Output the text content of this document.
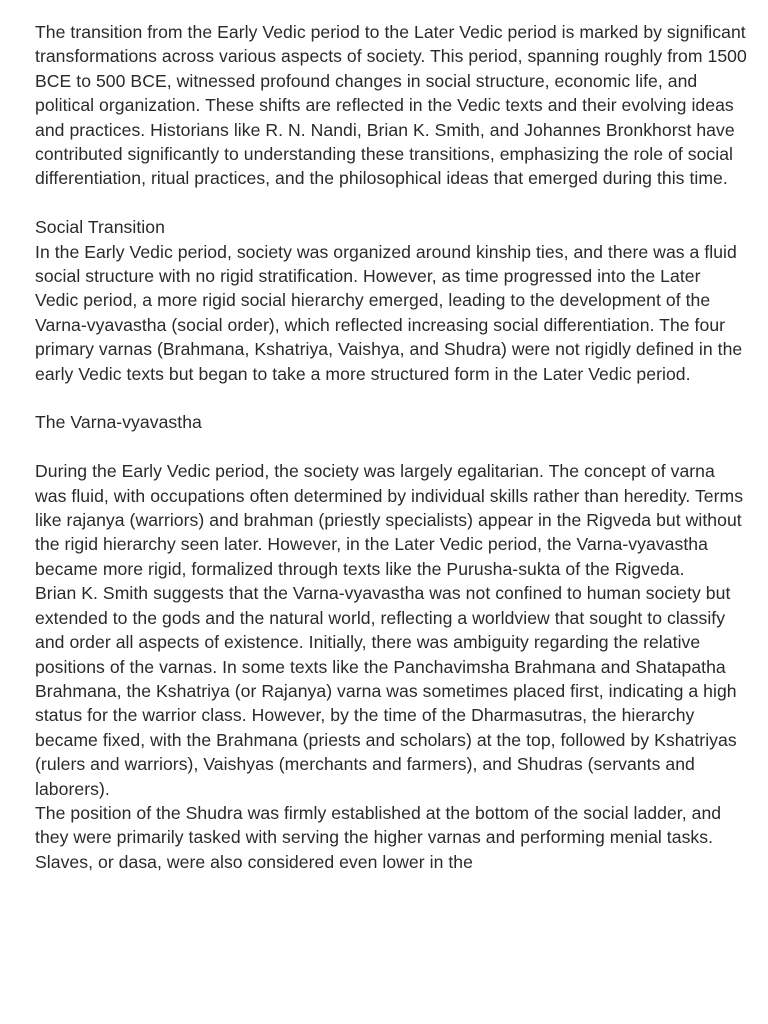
The transition from the Early Vedic period to the Later Vedic period is marked by significant transformations across various aspects of society. This period, spanning roughly from 1500 BCE to 500 BCE, witnessed profound changes in social structure, economic life, and political organization. These shifts are reflected in the Vedic texts and their evolving ideas and practices. Historians like R. N. Nandi, Brian K. Smith, and Johannes Bronkhorst have contributed significantly to understanding these transitions, emphasizing the role of social differentiation, ritual practices, and the philosophical ideas that emerged during this time.

Social Transition

In the Early Vedic period, society was organized around kinship ties, and there was a fluid social structure with no rigid stratification. However, as time progressed into the Later Vedic period, a more rigid social hierarchy emerged, leading to the development of the Varna-vyavastha (social order), which reflected increasing social differentiation. The four primary varnas (Brahmana, Kshatriya, Vaishya, and Shudra) were not rigidly defined in the early Vedic texts but began to take a more structured form in the Later Vedic period.

The Varna-vyavastha

During the Early Vedic period, the society was largely egalitarian. The concept of varna was fluid, with occupations often determined by individual skills rather than heredity. Terms like rajanya (warriors) and brahman (priestly specialists) appear in the Rigveda but without the rigid hierarchy seen later. However, in the Later Vedic period, the Varna-vyavastha became more rigid, formalized through texts like the Purusha-sukta of the Rigveda.

Brian K. Smith suggests that the Varna-vyavastha was not confined to human society but extended to the gods and the natural world, reflecting a worldview that sought to classify and order all aspects of existence. Initially, there was ambiguity regarding the relative positions of the varnas. In some texts like the Panchavimsha Brahmana and Shatapatha Brahmana, the Kshatriya (or Rajanya) varna was sometimes placed first, indicating a high status for the warrior class. However, by the time of the Dharmasutras, the hierarchy became fixed, with the Brahmana (priests and scholars) at the top, followed by Kshatriyas (rulers and warriors), Vaishyas (merchants and farmers), and Shudras (servants and laborers).

The position of the Shudra was firmly established at the bottom of the social ladder, and they were primarily tasked with serving the higher varnas and performing menial tasks. Slaves, or dasa, were also considered even lower in the
